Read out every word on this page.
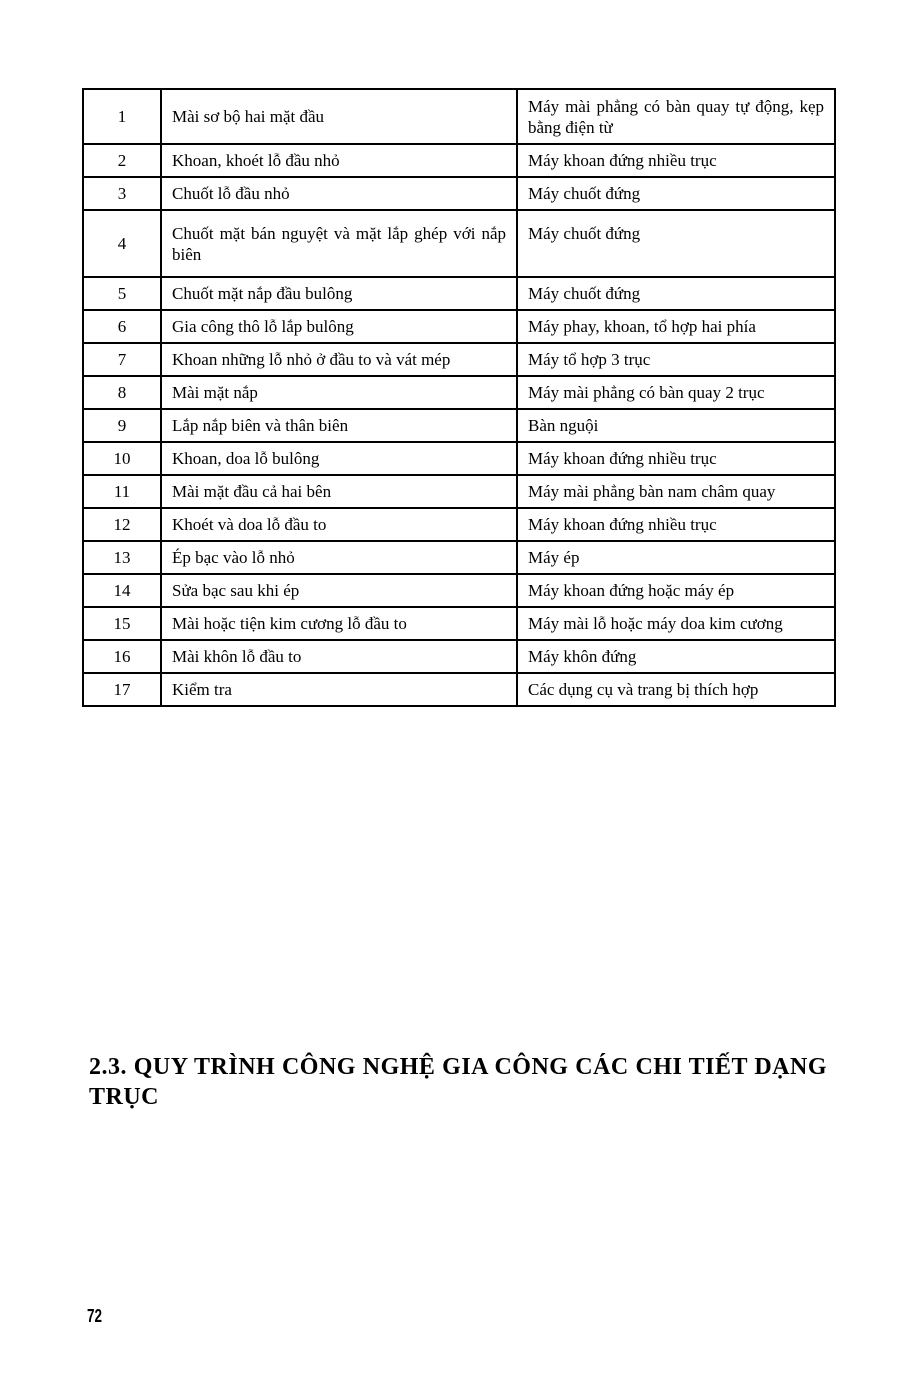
1	Mài sơ bộ hai mặt đầu	Máy mài phẳng có bàn quay tự động, kẹp bằng điện từ
2	Khoan, khoét lỗ đầu nhỏ	Máy khoan đứng nhiều trục
3	Chuốt lỗ đầu nhỏ	Máy chuốt đứng
4	Chuốt mặt bán nguyệt và mặt lắp ghép với nắp biên	Máy chuốt đứng
5	Chuốt mặt nắp đầu bulông	Máy chuốt đứng
6	Gia công thô lỗ lắp bulông	Máy phay, khoan, tổ hợp hai phía
7	Khoan những lỗ nhỏ ở đầu to và vát mép	Máy tổ hợp 3 trục
8	Mài mặt nắp	Máy mài phẳng có bàn quay 2 trục
9	Lắp nắp biên và thân biên	Bàn nguội
10	Khoan, doa lỗ bulông	Máy khoan đứng nhiều trục
11	Mài mặt đầu cả hai bên	Máy mài phẳng bàn nam châm quay
12	Khoét và doa lỗ đầu to	Máy khoan đứng nhiều trục
13	Ép bạc vào lỗ nhỏ	Máy ép
14	Sửa bạc sau khi ép	Máy khoan đứng hoặc máy ép
15	Mài hoặc tiện kim cương lỗ đầu to	Máy mài lỗ hoặc máy doa kim cương
16	Mài khôn lỗ đầu to	Máy khôn đứng
17	Kiểm tra	Các dụng cụ và trang bị thích hợp
2.3. QUY TRÌNH CÔNG NGHỆ GIA CÔNG CÁC CHI TIẾT DẠNG TRỤC
72
